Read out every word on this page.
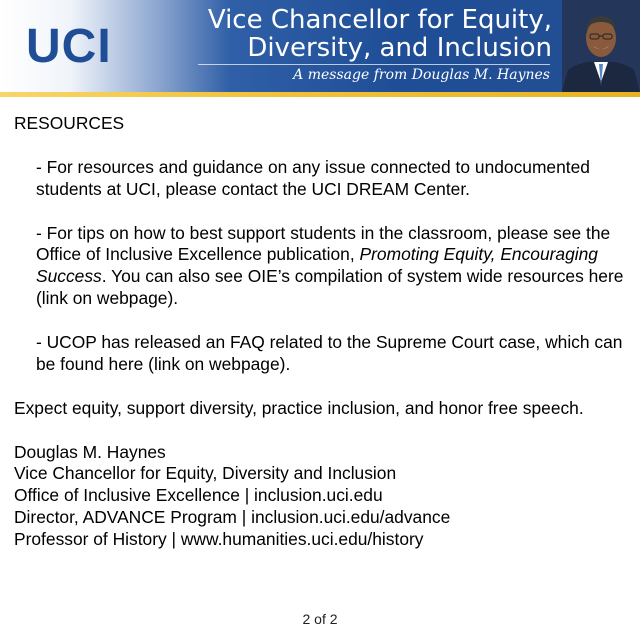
UCI	Vice Chancellor for Equity,
Diversity, and Inclusion
A message from Douglas M. Haynes

RESOURCES

- For resources and guidance on any issue connected to undocumented students at UCI, please contact the UCI DREAM Center.

- For tips on how to best support students in the classroom, please see the Office of Inclusive Excellence publication, Promoting Equity, Encouraging Success. You can also see OIE’s compilation of system wide resources here (link on webpage).

- UCOP has released an FAQ related to the Supreme Court case, which can be found here (link on webpage).

Expect equity, support diversity, practice inclusion, and honor free speech.

Douglas M. Haynes

Vice Chancellor for Equity, Diversity and Inclusion

Office of Inclusive Excellence | inclusion.uci.edu

Director, ADVANCE Program | inclusion.uci.edu/advance

Professor of History | www.humanities.uci.edu/history

2 of 2
